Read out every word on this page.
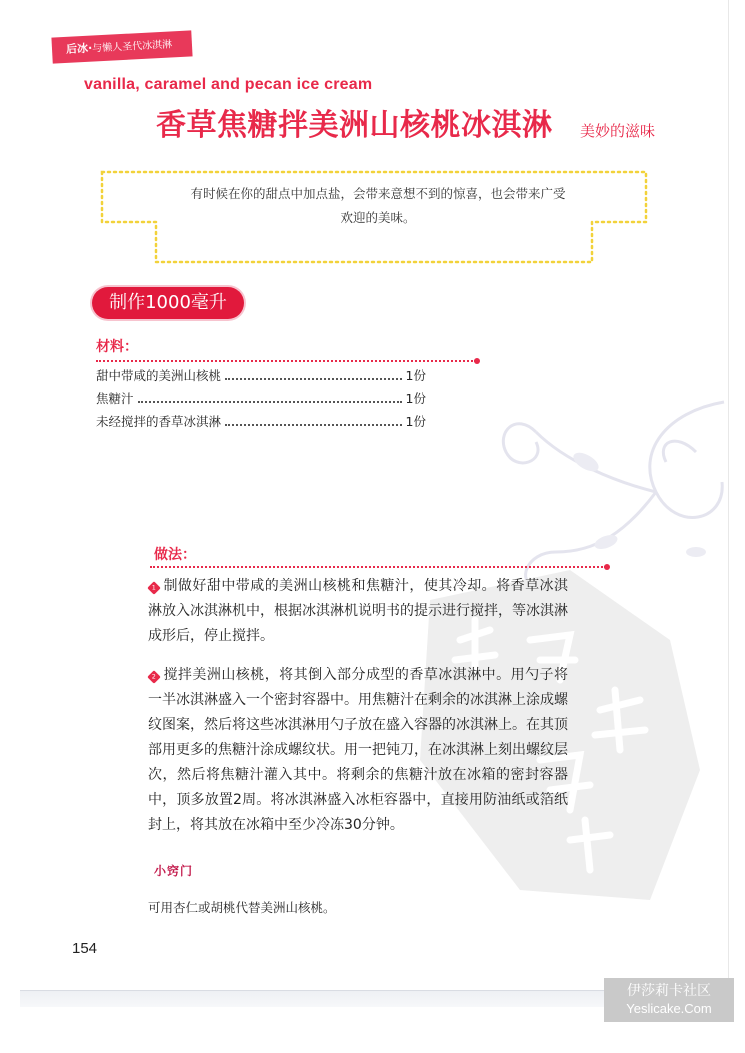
后冰·与懒人圣代冰淇淋
vanilla, caramel and pecan ice cream
香草焦糖拌美洲山核桃冰淇淋 美妙的滋味
有时候在你的甜点中加点盐，会带来意想不到的惊喜，也会带来广受
欢迎的美味。
制作1000毫升
材料：
甜中带咸的美洲山核桃	1份
焦糖汁	1份
未经搅拌的香草冰淇淋	1份
做法：

1 制做好甜中带咸的美洲山核桃和焦糖汁，使其冷却。将香草冰淇淋放入冰淇淋机中，根据冰淇淋机说明书的提示进行搅拌，等冰淇淋成形后，停止搅拌。

2 搅拌美洲山核桃，将其倒入部分成型的香草冰淇淋中。用勺子将一半冰淇淋盛入一个密封容器中。用焦糖汁在剩余的冰淇淋上涂成螺纹图案，然后将这些冰淇淋用勺子放在盛入容器的冰淇淋上。在其顶部用更多的焦糖汁涂成螺纹状。用一把钝刀，在冰淇淋上刻出螺纹层次，然后将焦糖汁灌入其中。将剩余的焦糖汁放在冰箱的密封容器中，顶多放置2周。将冰淇淋盛入冰柜容器中，直接用防油纸或箔纸封上，将其放在冰箱中至少冷冻30分钟。

小窍门
可用杏仁或胡桃代替美洲山核桃。
154
伊莎莉卡社区
Yeslicake.Com
